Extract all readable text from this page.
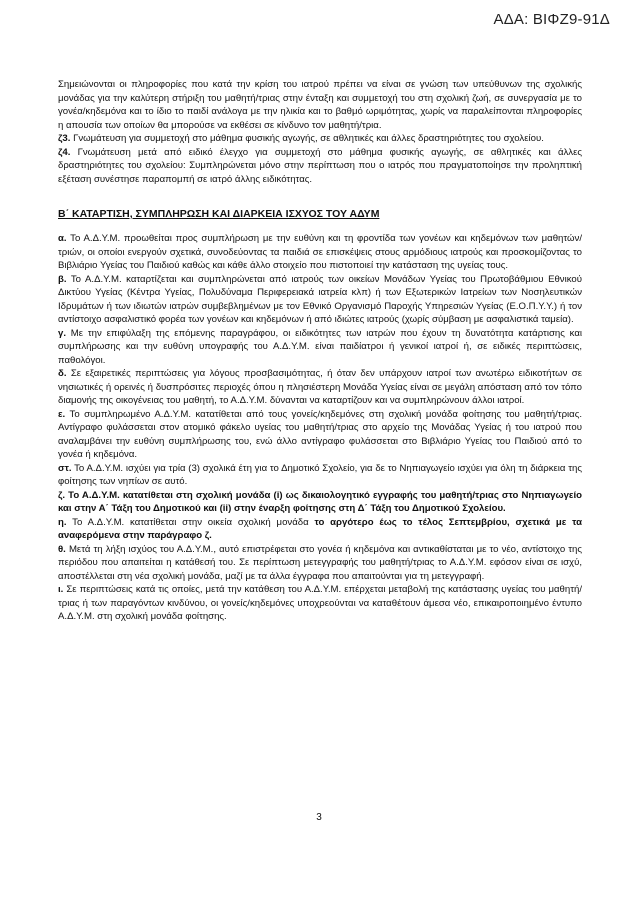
ΑΔΑ: ΒΙΦΖ9-91Δ

Σημειώνονται οι πληροφορίες που κατά την κρίση του ιατρού πρέπει να είναι σε γνώση των υπεύθυνων της σχολικής μονάδας για την καλύτερη στήριξη του μαθητή/τριας στην ένταξη και συμμετοχή του στη σχολική ζωή, σε συνεργασία με το γονέα/κηδεμόνα και το ίδιο το παιδί ανάλογα με την ηλικία και το βαθμό ωριμότητας, χωρίς να παραλείπονται πληροφορίες η απουσία των οποίων θα μπορούσε να εκθέσει σε κίνδυνο τον μαθητή/τρια.

ζ3. Γνωμάτευση για συμμετοχή στο μάθημα φυσικής αγωγής, σε αθλητικές και άλλες δραστηριότητες του σχολείου.

ζ4. Γνωμάτευση μετά από ειδικό έλεγχο για συμμετοχή στο μάθημα φυσικής αγωγής, σε αθλητικές και άλλες δραστηριότητες του σχολείου: Συμπληρώνεται μόνο στην περίπτωση που ο ιατρός που πραγματοποίησε την προληπτική εξέταση συνέστησε παραπομπή σε ιατρό άλλης ειδικότητας.

Β΄ ΚΑΤΑΡΤΙΣΗ, ΣΥΜΠΛΗΡΩΣΗ ΚΑΙ ΔΙΑΡΚΕΙΑ ΙΣΧΥΟΣ ΤΟΥ ΑΔΥΜ

α. Το Α.Δ.Υ.Μ. προωθείται προς συμπλήρωση με την ευθύνη και τη φροντίδα των γονέων και κηδεμόνων των μαθητών/τριών, οι οποίοι ενεργούν σχετικά, συνοδεύοντας τα παιδιά σε επισκέψεις στους αρμόδιους ιατρούς και προσκομίζοντας το Βιβλιάριο Υγείας του Παιδιού καθώς και κάθε άλλο στοιχείο που πιστοποιεί την κατάσταση της υγείας τους.

β. Το Α.Δ.Υ.Μ. καταρτίζεται και συμπληρώνεται από ιατρούς των οικείων Μονάδων Υγείας του Πρωτοβάθμιου Εθνικού Δικτύου Υγείας (Κέντρα Υγείας, Πολυδύναμα Περιφερειακά ιατρεία κλπ) ή των Εξωτερικών Ιατρείων των Νοσηλευτικών Ιδρυμάτων ή των ιδιωτών ιατρών συμβεβλημένων με τον Εθνικό Οργανισμό Παροχής Υπηρεσιών Υγείας (Ε.Ο.Π.Υ.Υ.) ή τον αντίστοιχο ασφαλιστικό φορέα των γονέων και κηδεμόνων ή από ιδιώτες ιατρούς (χωρίς σύμβαση με ασφαλιστικά ταμεία).

γ. Με την επιφύλαξη της επόμενης παραγράφου, οι ειδικότητες των ιατρών που έχουν τη δυνατότητα κατάρτισης και συμπλήρωσης και την ευθύνη υπογραφής του Α.Δ.Υ.Μ. είναι παιδίατροι ή γενικοί ιατροί ή, σε ειδικές περιπτώσεις, παθολόγοι.

δ. Σε εξαιρετικές περιπτώσεις για λόγους προσβασιμότητας, ή όταν δεν υπάρχουν ιατροί των ανωτέρω ειδικοτήτων σε νησιωτικές ή ορεινές ή δυσπρόσιτες περιοχές όπου η πλησιέστερη Μονάδα Υγείας είναι σε μεγάλη απόσταση από τον τόπο διαμονής της οικογένειας του μαθητή, το Α.Δ.Υ.Μ. δύνανται να καταρτίζουν και να συμπληρώνουν άλλοι ιατροί.

ε. Το συμπληρωμένο Α.Δ.Υ.Μ. κατατίθεται από τους γονείς/κηδεμόνες στη σχολική μονάδα φοίτησης του μαθητή/τριας. Αντίγραφο φυλάσσεται στον ατομικό φάκελο υγείας του μαθητή/τριας στο αρχείο της Μονάδας Υγείας ή του ιατρού που αναλαμβάνει την ευθύνη συμπλήρωσης του, ενώ άλλο αντίγραφο φυλάσσεται στο Βιβλιάριο Υγείας του Παιδιού από το γονέα ή κηδεμόνα.

στ. Το Α.Δ.Υ.Μ. ισχύει για τρία (3) σχολικά έτη για το Δημοτικό Σχολείο, για δε το Νηπιαγωγείο ισχύει για όλη τη διάρκεια της φοίτησης των νηπίων σε αυτό.

ζ. Το Α.Δ.Υ.Μ. κατατίθεται στη σχολική μονάδα (i) ως δικαιολογητικό εγγραφής του μαθητή/τριας στο Νηπιαγωγείο και στην Α΄ Τάξη του Δημοτικού και (ii) στην έναρξη φοίτησης στη Δ΄ Τάξη του Δημοτικού Σχολείου.

η. Το Α.Δ.Υ.Μ. κατατίθεται στην οικεία σχολική μονάδα το αργότερο έως το τέλος Σεπτεμβρίου, σχετικά με τα αναφερόμενα στην παράγραφο ζ.

θ. Μετά τη λήξη ισχύος του Α.Δ.Υ.Μ., αυτό επιστρέφεται στο γονέα ή κηδεμόνα και αντικαθίσταται με το νέο, αντίστοιχο της περιόδου που απαιτείται η κατάθεσή του. Σε περίπτωση μετεγγραφής του μαθητή/τριας το Α.Δ.Υ.Μ. εφόσον είναι σε ισχύ, αποστέλλεται στη νέα σχολική μονάδα, μαζί με τα άλλα έγγραφα που απαιτούνται για τη μετεγγραφή.

ι. Σε περιπτώσεις κατά τις οποίες, μετά την κατάθεση του Α.Δ.Υ.Μ. επέρχεται μεταβολή της κατάστασης υγείας του μαθητή/τριας ή των παραγόντων κινδύνου, οι γονείς/κηδεμόνες υποχρεούνται να καταθέτουν άμεσα νέο, επικαιροποιημένο έντυπο Α.Δ.Υ.Μ. στη σχολική μονάδα φοίτησης.

3
